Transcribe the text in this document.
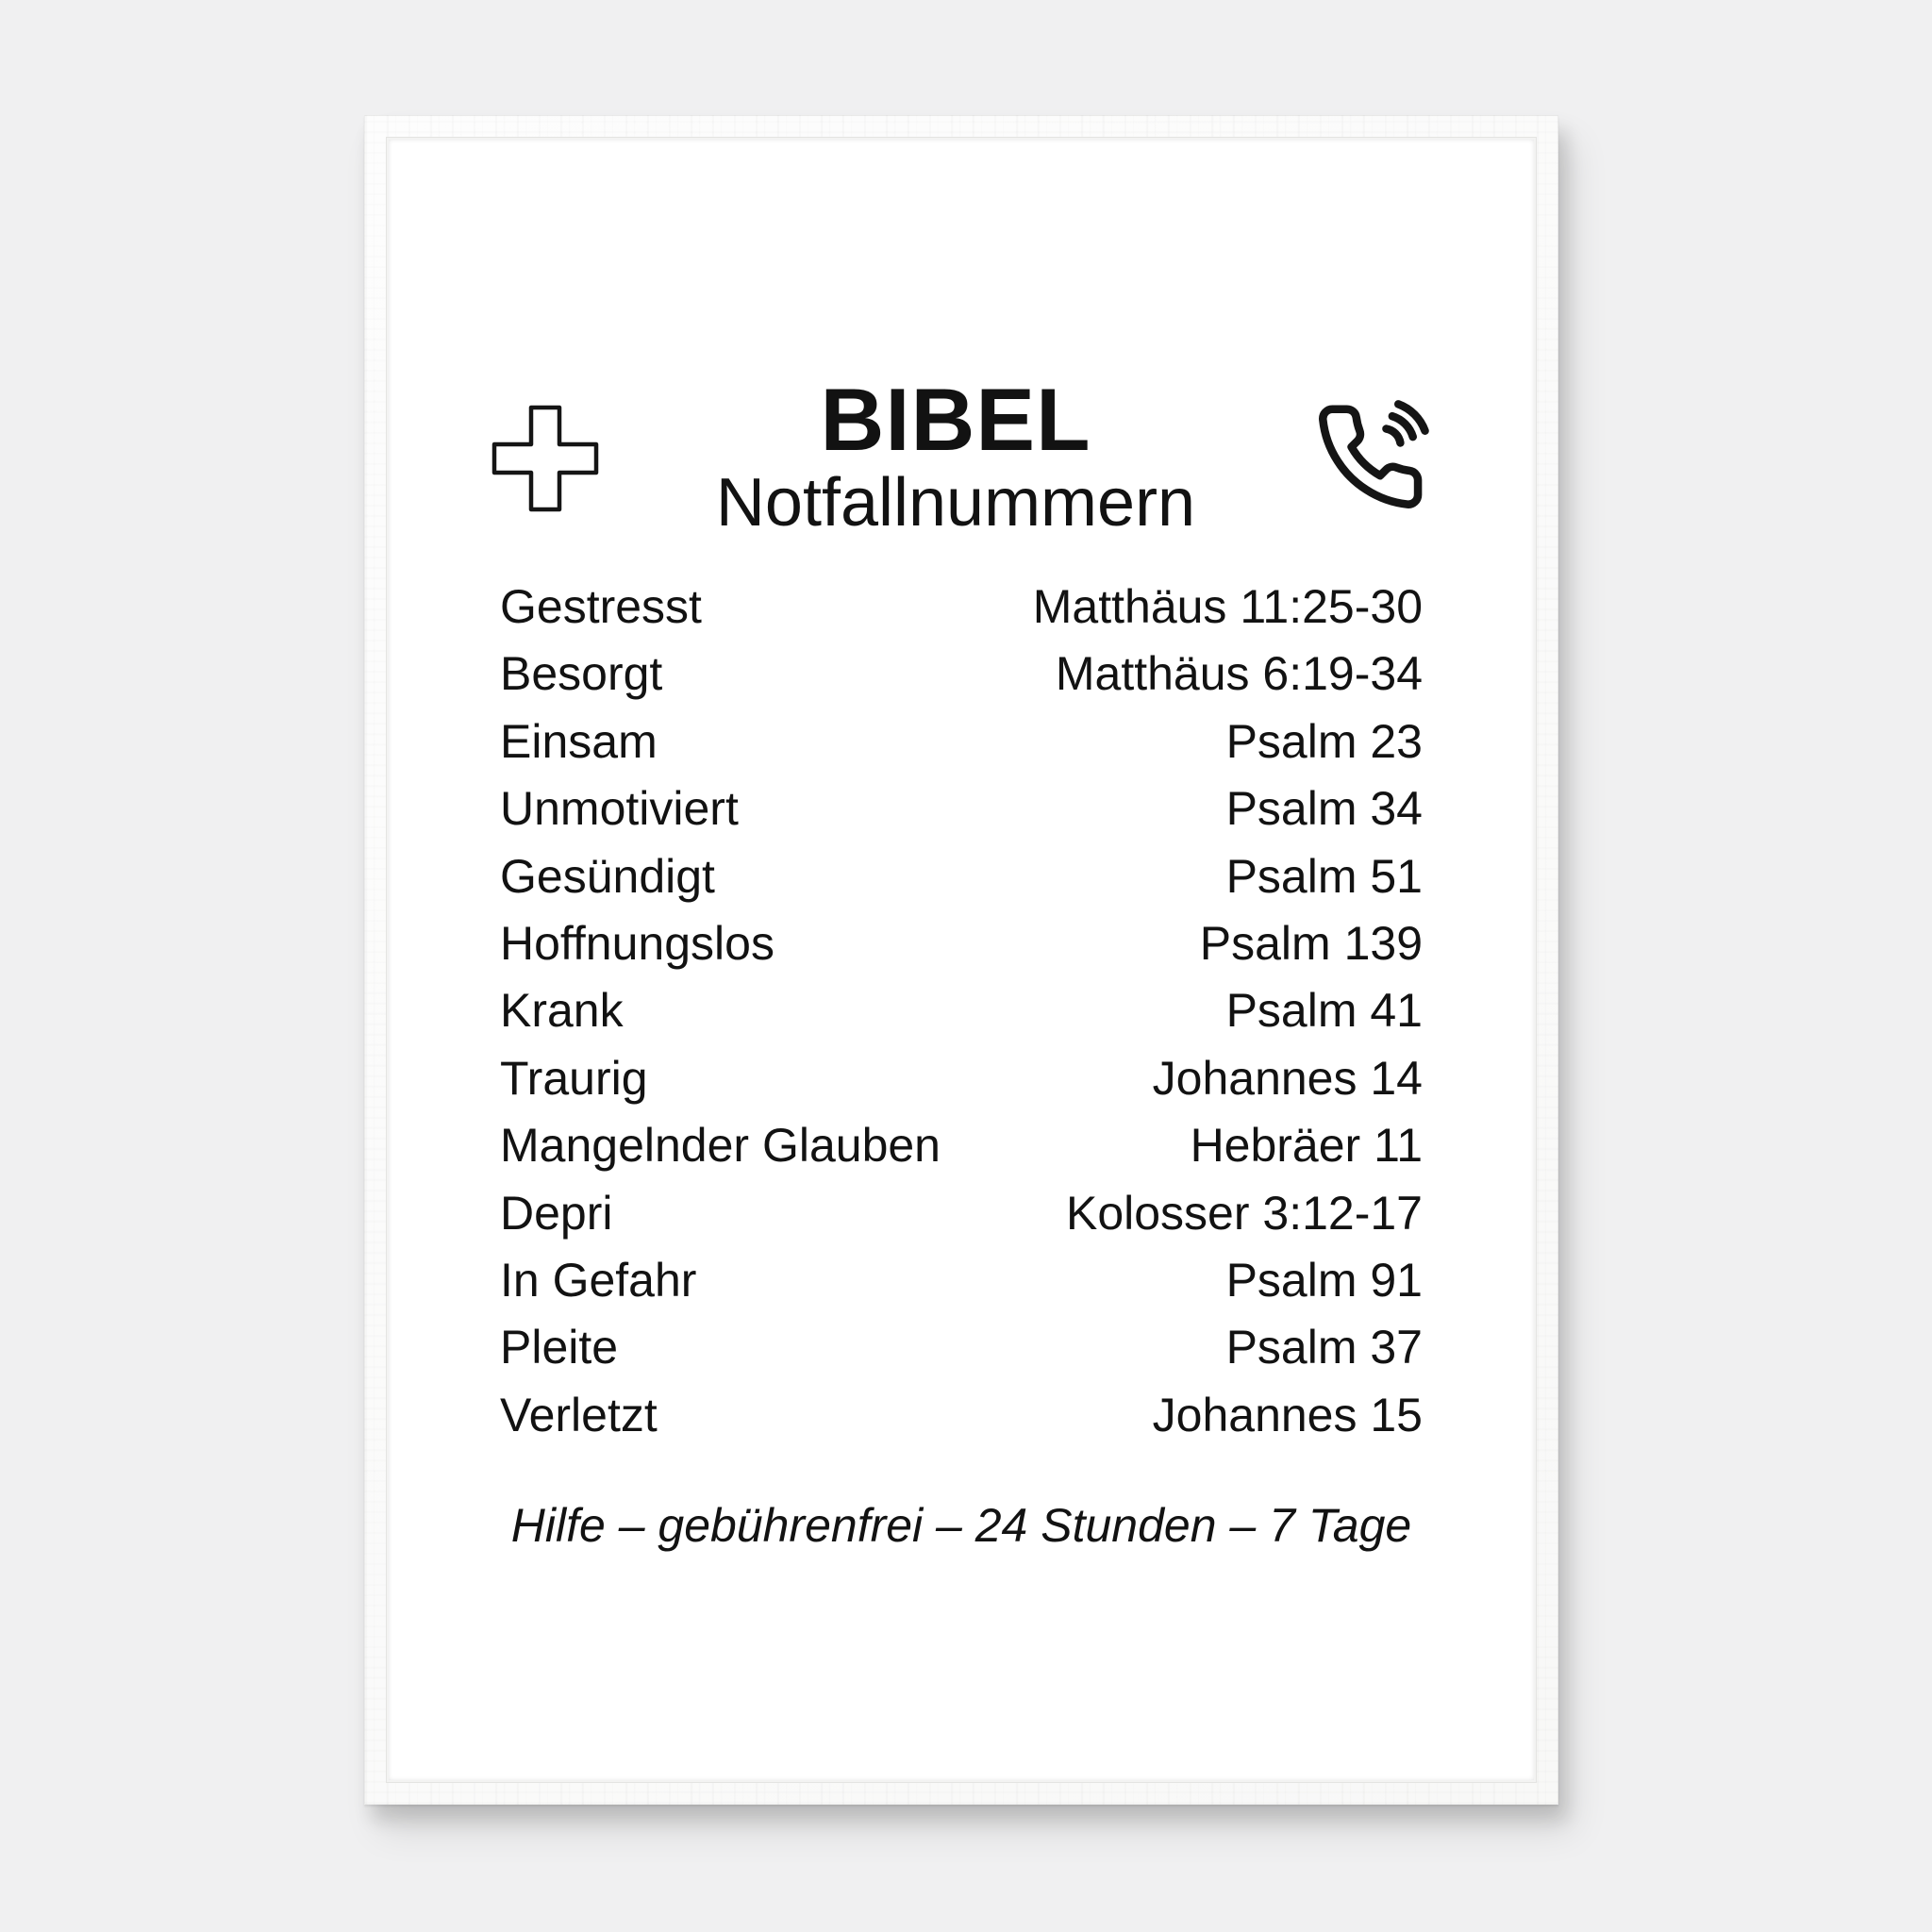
BIBEL
Notfallnummern
Gestresst	Matthäus 11:25-30
Besorgt	Matthäus 6:19-34
Einsam	Psalm 23
Unmotiviert	Psalm 34
Gesündigt	Psalm 51
Hoffnungslos	Psalm 139
Krank	Psalm 41
Traurig	Johannes 14
Mangelnder Glauben	Hebräer 11
Depri	Kolosser 3:12-17
In Gefahr	Psalm 91
Pleite	Psalm 37
Verletzt	Johannes 15
Hilfe – gebührenfrei – 24 Stunden – 7 Tage
